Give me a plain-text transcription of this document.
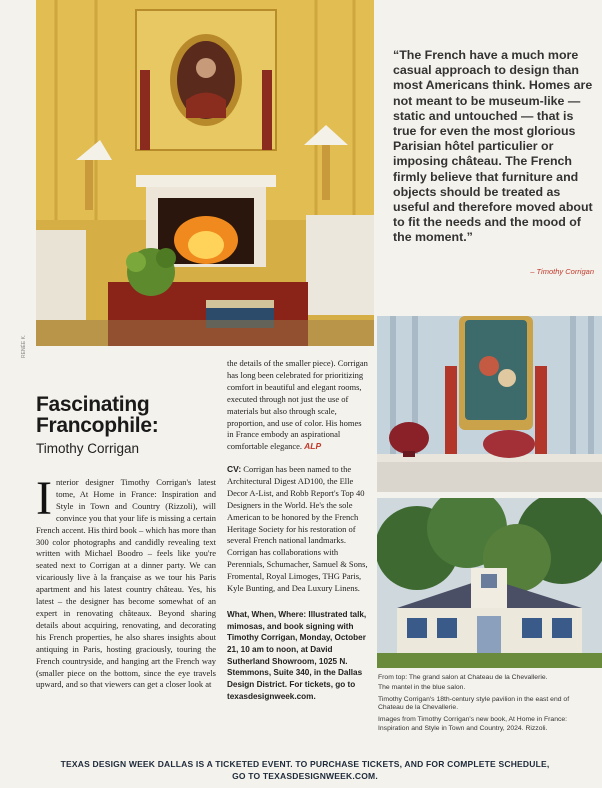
RENÉE K.
“The French have a much more casual approach to design than most Americans think. Homes are not meant to be museum-like — static and untouched — that is true for even the most glorious Parisian hôtel particulier or imposing château. The French firmly believe that furniture and objects should be treated as useful and therefore moved about to fit the needs and the mood of the moment.”
– Timothy Corrigan
Fascinating Francophile:
Timothy Corrigan
Interior designer Timothy Corrigan's latest tome, At Home in France: Inspiration and Style in Town and Country (Rizzoli), will convince you that your life is missing a certain French accent. His third book – which has more than 300 color photographs and candidly revealing text written with Michael Boodro – feels like you're seated next to Corrigan at a dinner party. We can vicariously live à la française as we tour his Paris apartment and his latest country château. Yes, his latest – the designer has become somewhat of an expert in renovating châteaux. Beyond sharing details about acquiring, renovating, and decorating his French properties, he also shares insights about antiquing in Paris, hosting graciously, touring the French countryside, and hanging art the French way (smaller piece on the bottom, since the eye travels upward, and so that viewers can get a closer look at

the details of the smaller piece). Corrigan has long been celebrated for prioritizing comfort in beautiful and elegant rooms, executed through not just the use of materials but also through scale, proportion, and use of color. His homes in France embody an aspirational comfortable elegance. ALP

CV: Corrigan has been named to the Architectural Digest AD100, the Elle Decor A-List, and Robb Report's Top 40 Designers in the World. He's the sole American to be honored by the French Heritage Society for his restoration of several French national landmarks. Corrigan has collaborations with Perennials, Schumacher, Samuel & Sons, Fromental, Royal Limoges, THG Paris, Kyle Bunting, and Dea Luxury Linens.

What, When, Where: Illustrated talk, mimosas, and book signing with Timothy Corrigan, Monday, October 21, 10 am to noon, at David Sutherland Showroom, 1025 N. Stemmons, Suite 340, in the Dallas Design District. For tickets, go to texasdesignweek.com.

From top: The grand salon at Chateau de la Chevallerie.

The mantel in the blue salon.

Timothy Corrigan's 18th-century style pavilion in the east end of Chateau de la Chevallerie.

Images from Timothy Corrigan's new book, At Home in France: Inspiration and Style in Town and Country, 2024. Rizzoli.

TEXAS DESIGN WEEK DALLAS IS A TICKETED EVENT. TO PURCHASE TICKETS, AND FOR COMPLETE SCHEDULE,
GO TO TEXASDESIGNWEEK.COM.
